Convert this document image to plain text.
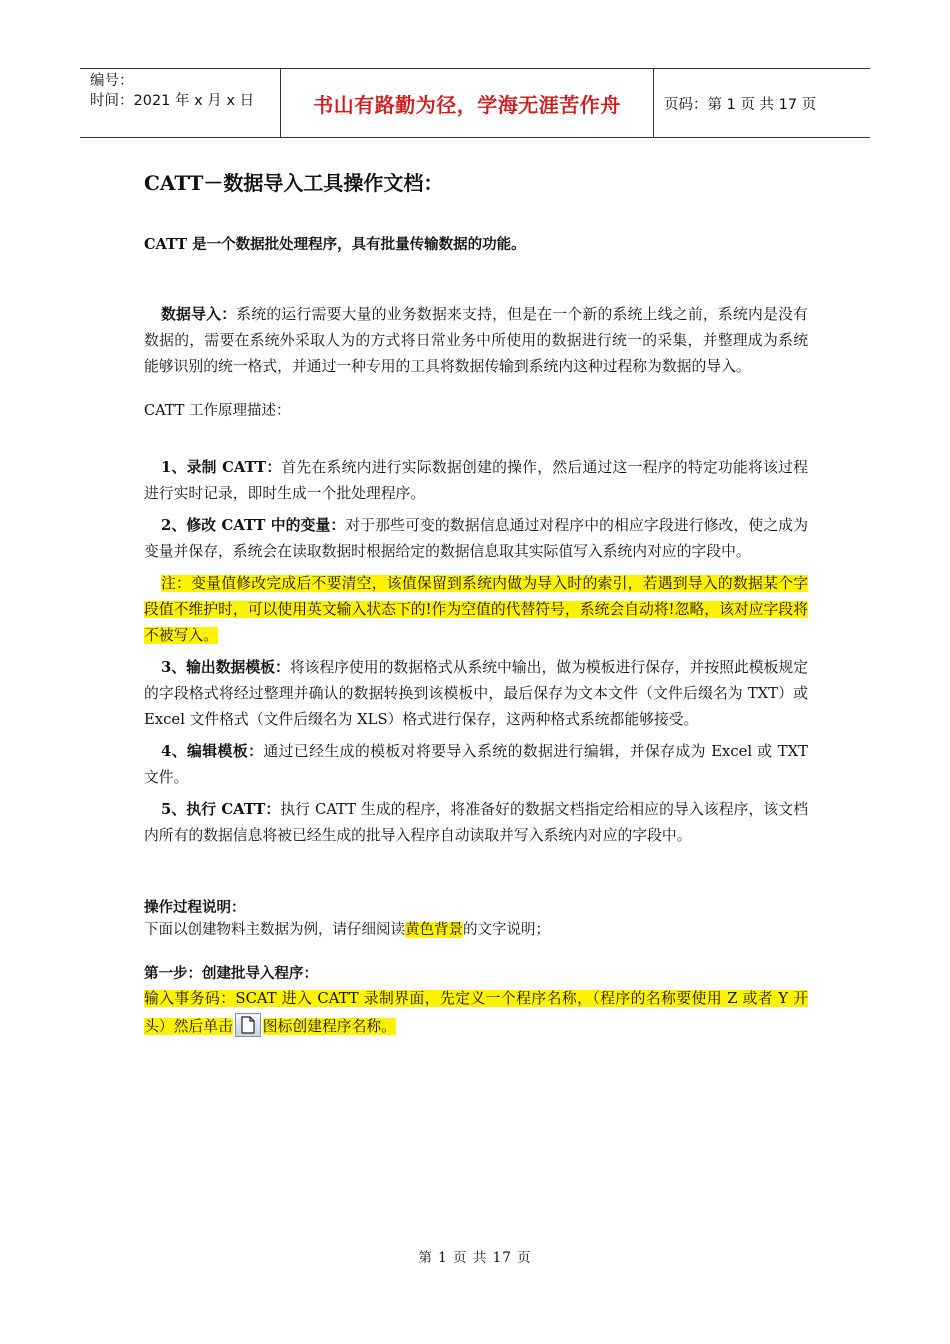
编号：
时间：2021 年 x 月 x 日	书山有路勤为径，学海无涯苦作舟	页码：第 1 页 共 17 页
CATT－数据导入工具操作文档：
CATT 是一个数据批处理程序，具有批量传输数据的功能。

数据导入：系统的运行需要大量的业务数据来支持，但是在一个新的系统上线之前，系统内是没有数据的，需要在系统外采取人为的方式将日常业务中所使用的数据进行统一的采集，并整理成为系统能够识别的统一格式，并通过一种专用的工具将数据传输到系统内这种过程称为数据的导入。

CATT 工作原理描述：

1、录制 CATT：首先在系统内进行实际数据创建的操作，然后通过这一程序的特定功能将该过程进行实时记录，即时生成一个批处理程序。

2、修改 CATT 中的变量：对于那些可变的数据信息通过对程序中的相应字段进行修改，使之成为变量并保存，系统会在读取数据时根据给定的数据信息取其实际值写入系统内对应的字段中。

注：变量值修改完成后不要清空，该值保留到系统内做为导入时的索引，若遇到导入的数据某个字段值不维护时，可以使用英文输入状态下的!作为空值的代替符号，系统会自动将!忽略，该对应字段将不被写入。

3、输出数据模板：将该程序使用的数据格式从系统中输出，做为模板进行保存，并按照此模板规定的字段格式将经过整理并确认的数据转换到该模板中，最后保存为文本文件（文件后缀名为 TXT）或 Excel 文件格式（文件后缀名为 XLS）格式进行保存，这两种格式系统都能够接受。

4、编辑模板：通过已经生成的模板对将要导入系统的数据进行编辑，并保存成为 Excel 或 TXT 文件。

5、执行 CATT：执行 CATT 生成的程序，将准备好的数据文档指定给相应的导入该程序，该文档内所有的数据信息将被已经生成的批导入程序自动读取并写入系统内对应的字段中。

操作过程说明：
下面以创建物料主数据为例，请仔细阅读黄色背景的文字说明；
第一步：创建批导入程序：

输入事务码：SCAT 进入 CATT 录制界面，先定义一个程序名称，（程序的名称要使用 Z 或者 Y 开头）然后单击 图标创建程序名称。

第 1 页 共 17 页
